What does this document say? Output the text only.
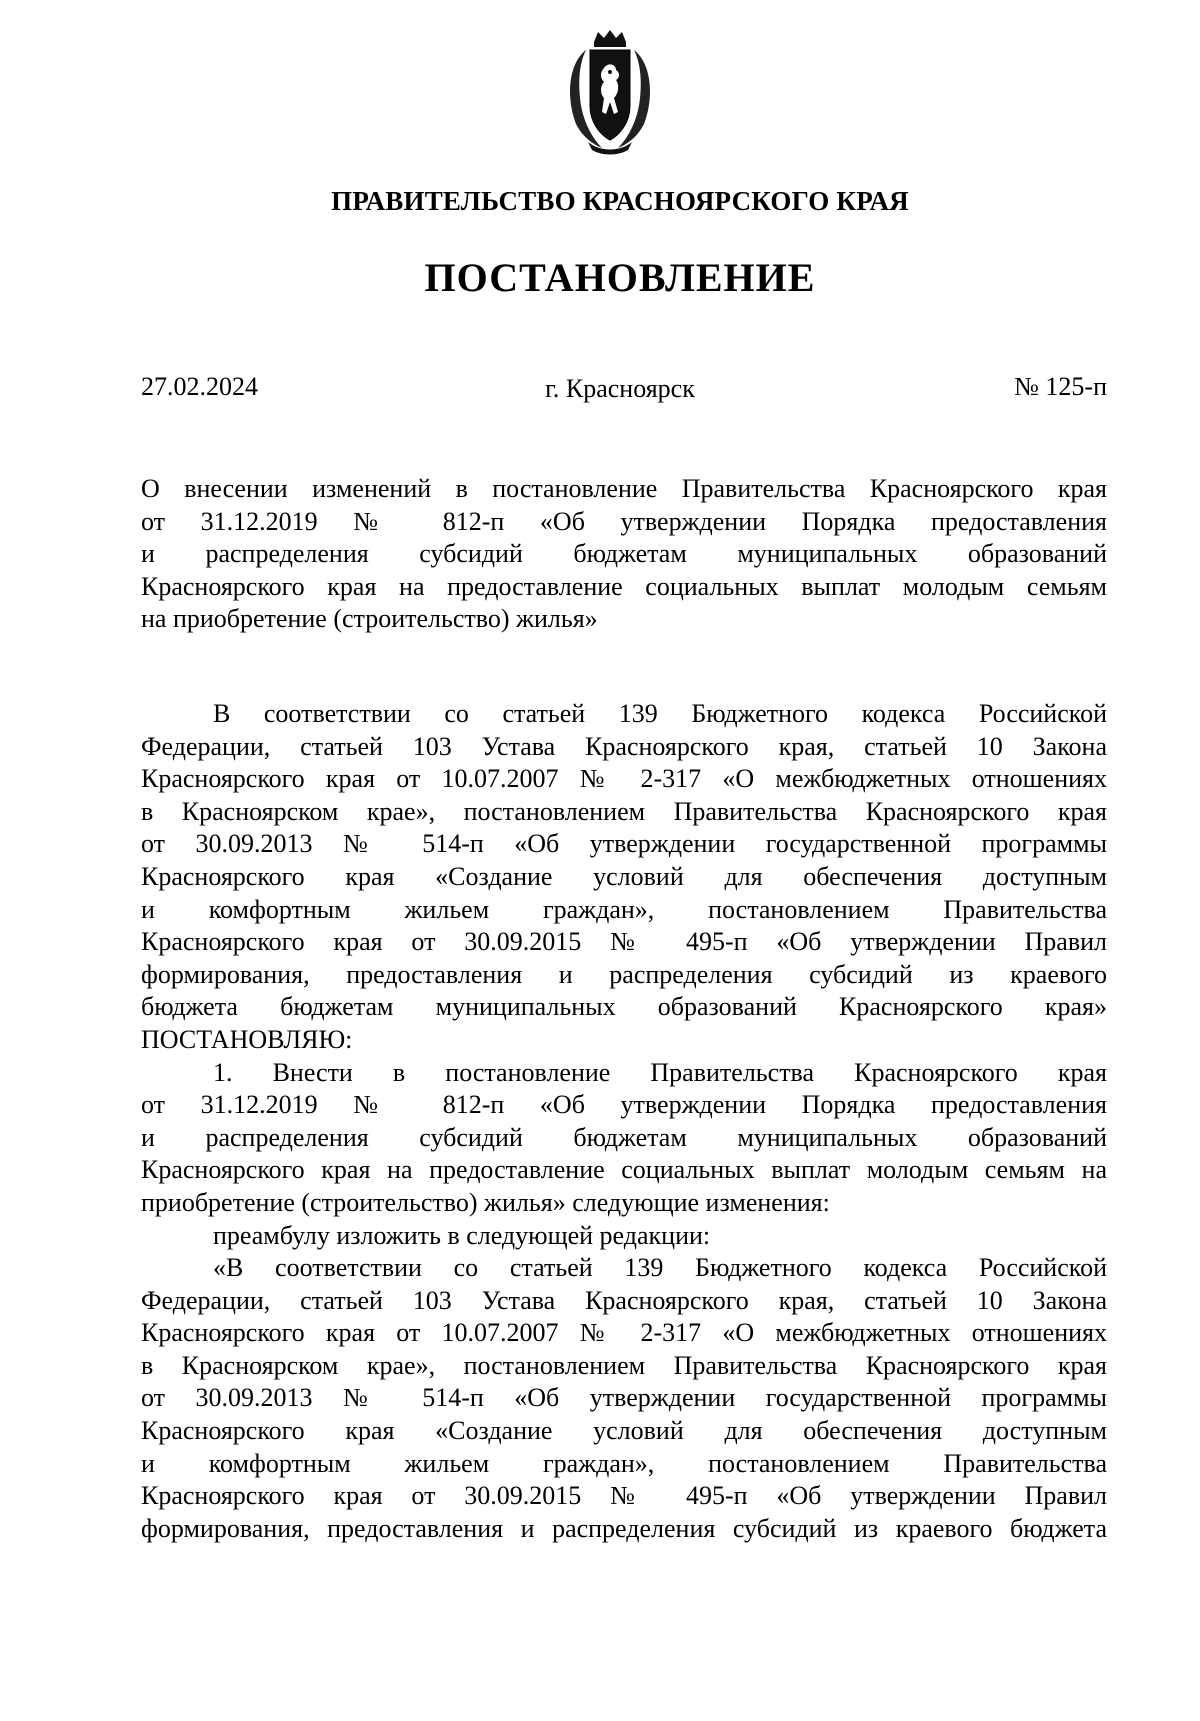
ПРАВИТЕЛЬСТВО КРАСНОЯРСКОГО КРАЯ
ПОСТАНОВЛЕНИЕ
27.02.2024	г. Красноярск	№ 125-п
О внесении изменений в постановление Правительства Красноярского края
от 31.12.2019 № 812-п «Об утверждении Порядка предоставления
и распределения субсидий бюджетам муниципальных образований
Красноярского края на предоставление социальных выплат молодым семьям
на приобретение (строительство) жилья»
В соответствии со статьей 139 Бюджетного кодекса Российской
Федерации, статьей 103 Устава Красноярского края, статьей 10 Закона
Красноярского края от 10.07.2007 № 2-317 «О межбюджетных отношениях
в Красноярском крае», постановлением Правительства Красноярского края
от 30.09.2013 № 514-п «Об утверждении государственной программы
Красноярского края «Создание условий для обеспечения доступным
и комфортным жильем граждан», постановлением Правительства
Красноярского края от 30.09.2015 № 495-п «Об утверждении Правил
формирования, предоставления и распределения субсидий из краевого
бюджета бюджетам муниципальных образований Красноярского края»
ПОСТАНОВЛЯЮ:
1. Внести в постановление Правительства Красноярского края
от 31.12.2019 № 812-п «Об утверждении Порядка предоставления
и распределения субсидий бюджетам муниципальных образований
Красноярского края на предоставление социальных выплат молодым семьям на
приобретение (строительство) жилья» следующие изменения:
преамбулу изложить в следующей редакции:
«В соответствии со статьей 139 Бюджетного кодекса Российской
Федерации, статьей 103 Устава Красноярского края, статьей 10 Закона
Красноярского края от 10.07.2007 № 2-317 «О межбюджетных отношениях
в Красноярском крае», постановлением Правительства Красноярского края
от 30.09.2013 № 514-п «Об утверждении государственной программы
Красноярского края «Создание условий для обеспечения доступным
и комфортным жильем граждан», постановлением Правительства
Красноярского края от 30.09.2015 № 495-п «Об утверждении Правил
формирования, предоставления и распределения субсидий из краевого бюджета
